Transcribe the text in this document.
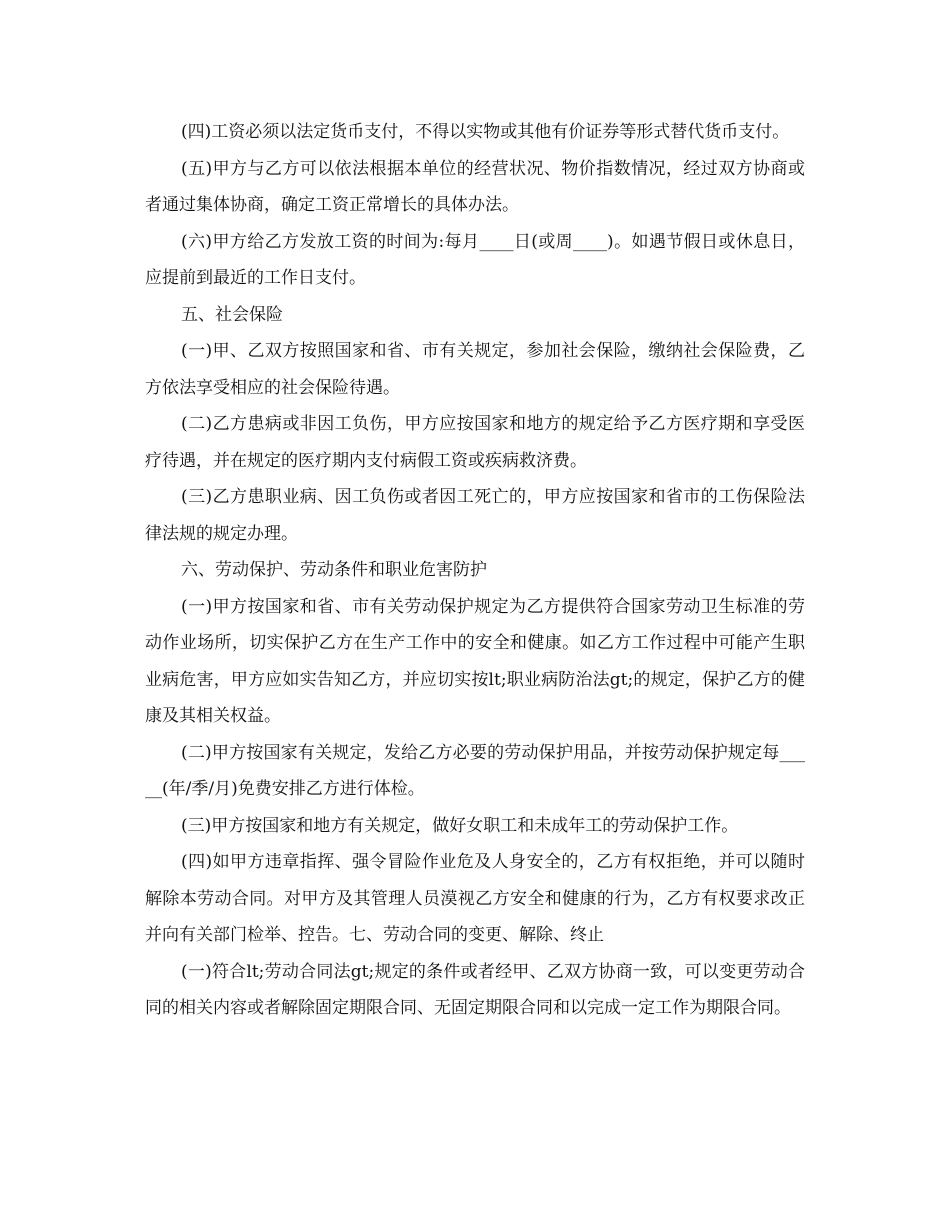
(四)工资必须以法定货币支付，不得以实物或其他有价证券等形式替代货币支付。

(五)甲方与乙方可以依法根据本单位的经营状况、物价指数情况，经过双方协商或者通过集体协商，确定工资正常增长的具体办法。

(六)甲方给乙方发放工资的时间为:每月____日(或周____)。如遇节假日或休息日，应提前到最近的工作日支付。

五、社会保险

(一)甲、乙双方按照国家和省、市有关规定，参加社会保险，缴纳社会保险费，乙方依法享受相应的社会保险待遇。

(二)乙方患病或非因工负伤，甲方应按国家和地方的规定给予乙方医疗期和享受医疗待遇，并在规定的医疗期内支付病假工资或疾病救济费。

(三)乙方患职业病、因工负伤或者因工死亡的，甲方应按国家和省市的工伤保险法律法规的规定办理。

六、劳动保护、劳动条件和职业危害防护

(一)甲方按国家和省、市有关劳动保护规定为乙方提供符合国家劳动卫生标准的劳动作业场所，切实保护乙方在生产工作中的安全和健康。如乙方工作过程中可能产生职业病危害，甲方应如实告知乙方，并应切实按lt;职业病防治法gt;的规定，保护乙方的健康及其相关权益。

(二)甲方按国家有关规定，发给乙方必要的劳动保护用品，并按劳动保护规定每_____(年/季/月)免费安排乙方进行体检。

(三)甲方按国家和地方有关规定，做好女职工和未成年工的劳动保护工作。

(四)如甲方违章指挥、强令冒险作业危及人身安全的，乙方有权拒绝，并可以随时解除本劳动合同。对甲方及其管理人员漠视乙方安全和健康的行为，乙方有权要求改正并向有关部门检举、控告。七、劳动合同的变更、解除、终止

(一)符合lt;劳动合同法gt;规定的条件或者经甲、乙双方协商一致，可以变更劳动合同的相关内容或者解除固定期限合同、无固定期限合同和以完成一定工作为期限合同。
